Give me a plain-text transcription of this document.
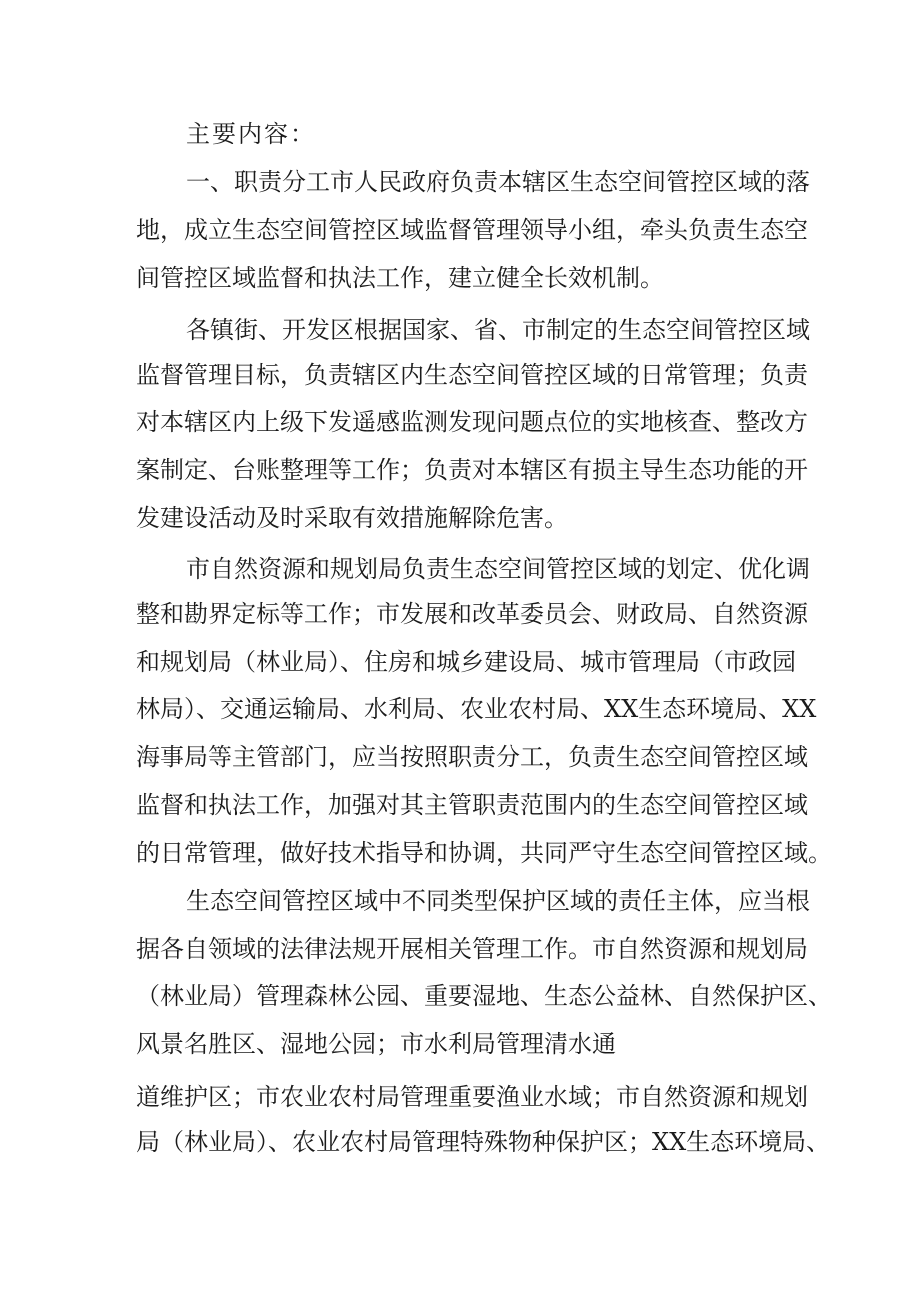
主要内容：
一、职责分工市人民政府负责本辖区生态空间管控区域的落
地，成立生态空间管控区域监督管理领导小组，牵头负责生态空
间管控区域监督和执法工作，建立健全长效机制。
各镇街、开发区根据国家、省、市制定的生态空间管控区域
监督管理目标，负责辖区内生态空间管控区域的日常管理；负责
对本辖区内上级下发遥感监测发现问题点位的实地核查、整改方
案制定、台账整理等工作；负责对本辖区有损主导生态功能的开
发建设活动及时采取有效措施解除危害。
市自然资源和规划局负责生态空间管控区域的划定、优化调
整和勘界定标等工作；市发展和改革委员会、财政局、自然资源
和规划局（林业局）、住房和城乡建设局、城市管理局（市政园
林局）、交通运输局、水利局、农业农村局、XX生态环境局、XX
海事局等主管部门，应当按照职责分工，负责生态空间管控区域
监督和执法工作，加强对其主管职责范围内的生态空间管控区域
的日常管理，做好技术指导和协调，共同严守生态空间管控区域。
生态空间管控区域中不同类型保护区域的责任主体，应当根
据各自领域的法律法规开展相关管理工作。市自然资源和规划局
（林业局）管理森林公园、重要湿地、生态公益林、自然保护区、
风景名胜区、湿地公园；市水利局管理清水通
道维护区；市农业农村局管理重要渔业水域；市自然资源和规划
局（林业局）、农业农村局管理特殊物种保护区；XX生态环境局、
